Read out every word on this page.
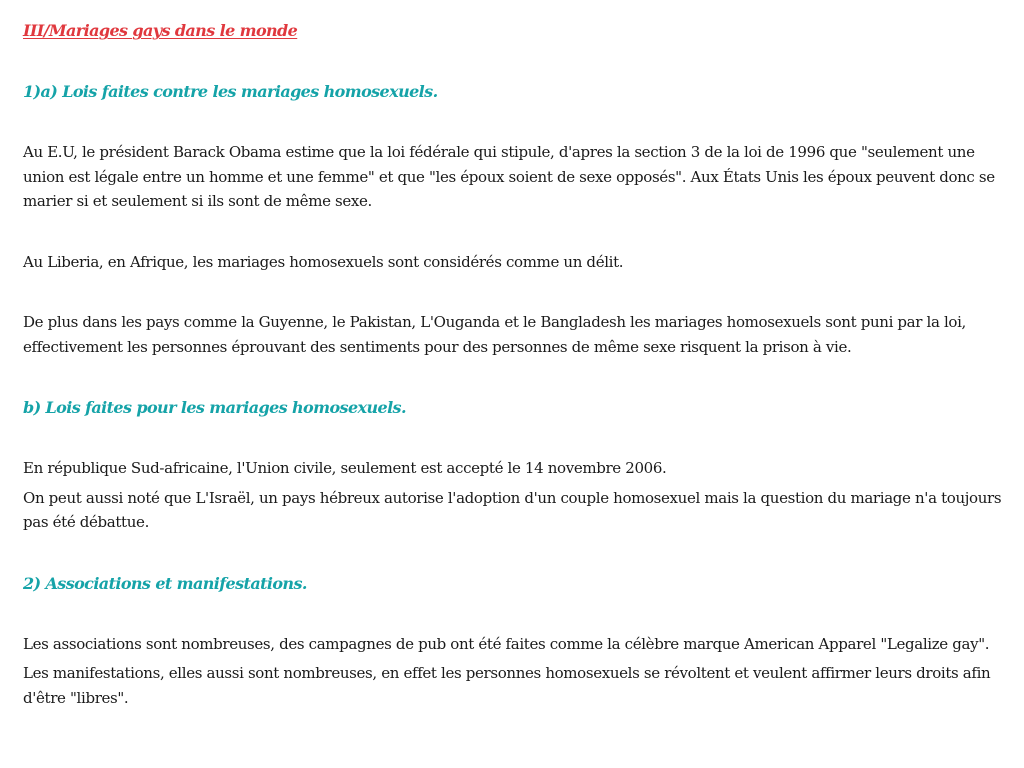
III/Mariages gays dans le monde
1)a) Lois faites contre les mariages homosexuels.

Au E.U, le président Barack Obama estime que la loi fédérale qui stipule, d'apres la section 3 de la loi de 1996 que "seulement une union est légale entre un homme et une femme" et que "les époux soient de sexe opposés". Aux États Unis les époux peuvent donc se marier si et seulement si ils sont de même sexe.

Au Liberia, en Afrique, les mariages homosexuels sont considérés comme un délit.

De plus dans les pays comme la Guyenne, le Pakistan, L'Ouganda et le Bangladesh les mariages homosexuels sont puni par la loi, effectivement les personnes éprouvant des sentiments pour des personnes de même sexe risquent la prison à vie.

b) Lois faites pour les mariages homosexuels.

En république Sud-africaine, l'Union civile, seulement est accepté le 14 novembre 2006.

On peut aussi noté que L'Israël, un pays hébreux autorise l'adoption d'un couple homosexuel mais la question du mariage n'a toujours pas été débattue.

2) Associations et manifestations.

Les associations sont nombreuses, des campagnes de pub ont été faites comme la célèbre marque American Apparel "Legalize gay".

Les manifestations, elles aussi sont nombreuses, en effet les personnes homosexuels se révoltent et veulent affirmer leurs droits afin d'être "libres".
